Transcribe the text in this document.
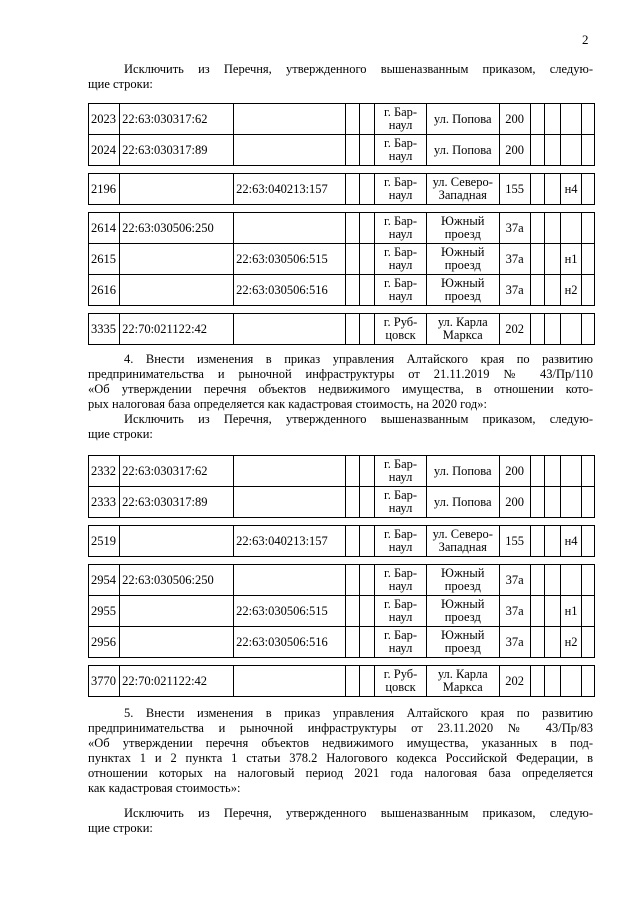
2
Исключить из Перечня, утвержденного вышеназванным приказом, следую-
щие строки:
2023	22:63:030317:62					г. Бар- наул	ул. Попова	200				
2024	22:63:030317:89					г. Бар- наул	ул. Попова	200				

2196		22:63:040213:157				г. Бар- наул	ул. Северо- Западная	155			н4	

2614	22:63:030506:250					г. Бар- наул	Южный проезд	37а				
2615		22:63:030506:515				г. Бар- наул	Южный проезд	37а			н1	
2616		22:63:030506:516				г. Бар- наул	Южный проезд	37а			н2	

3335	22:70:021122:42					г. Руб- цовск	ул. Карла Маркса	202				
4. Внести изменения в приказ управления Алтайского края по развитию
предпринимательства и рыночной инфраструктуры от 21.11.2019 № 43/Пр/110
«Об утверждении перечня объектов недвижимого имущества, в отношении кото-
рых налоговая база определяется как кадастровая стоимость, на 2020 год»:
Исключить из Перечня, утвержденного вышеназванным приказом, следую-
щие строки:
2332	22:63:030317:62					г. Бар- наул	ул. Попова	200				
2333	22:63:030317:89					г. Бар- наул	ул. Попова	200				

2519		22:63:040213:157				г. Бар- наул	ул. Северо- Западная	155			н4	

2954	22:63:030506:250					г. Бар- наул	Южный проезд	37а				
2955		22:63:030506:515				г. Бар- наул	Южный проезд	37а			н1	
2956		22:63:030506:516				г. Бар- наул	Южный проезд	37а			н2	

3770	22:70:021122:42					г. Руб- цовск	ул. Карла Маркса	202				
5. Внести изменения в приказ управления Алтайского края по развитию
предпринимательства и рыночной инфраструктуры от 23.11.2020 № 43/Пр/83
«Об утверждении перечня объектов недвижимого имущества, указанных в под-
пунктах 1 и 2 пункта 1 статьи 378.2 Налогового кодекса Российской Федерации, в
отношении которых на налоговый период 2021 года налоговая база определяется
как кадастровая стоимость»:
Исключить из Перечня, утвержденного вышеназванным приказом, следую-
щие строки:
